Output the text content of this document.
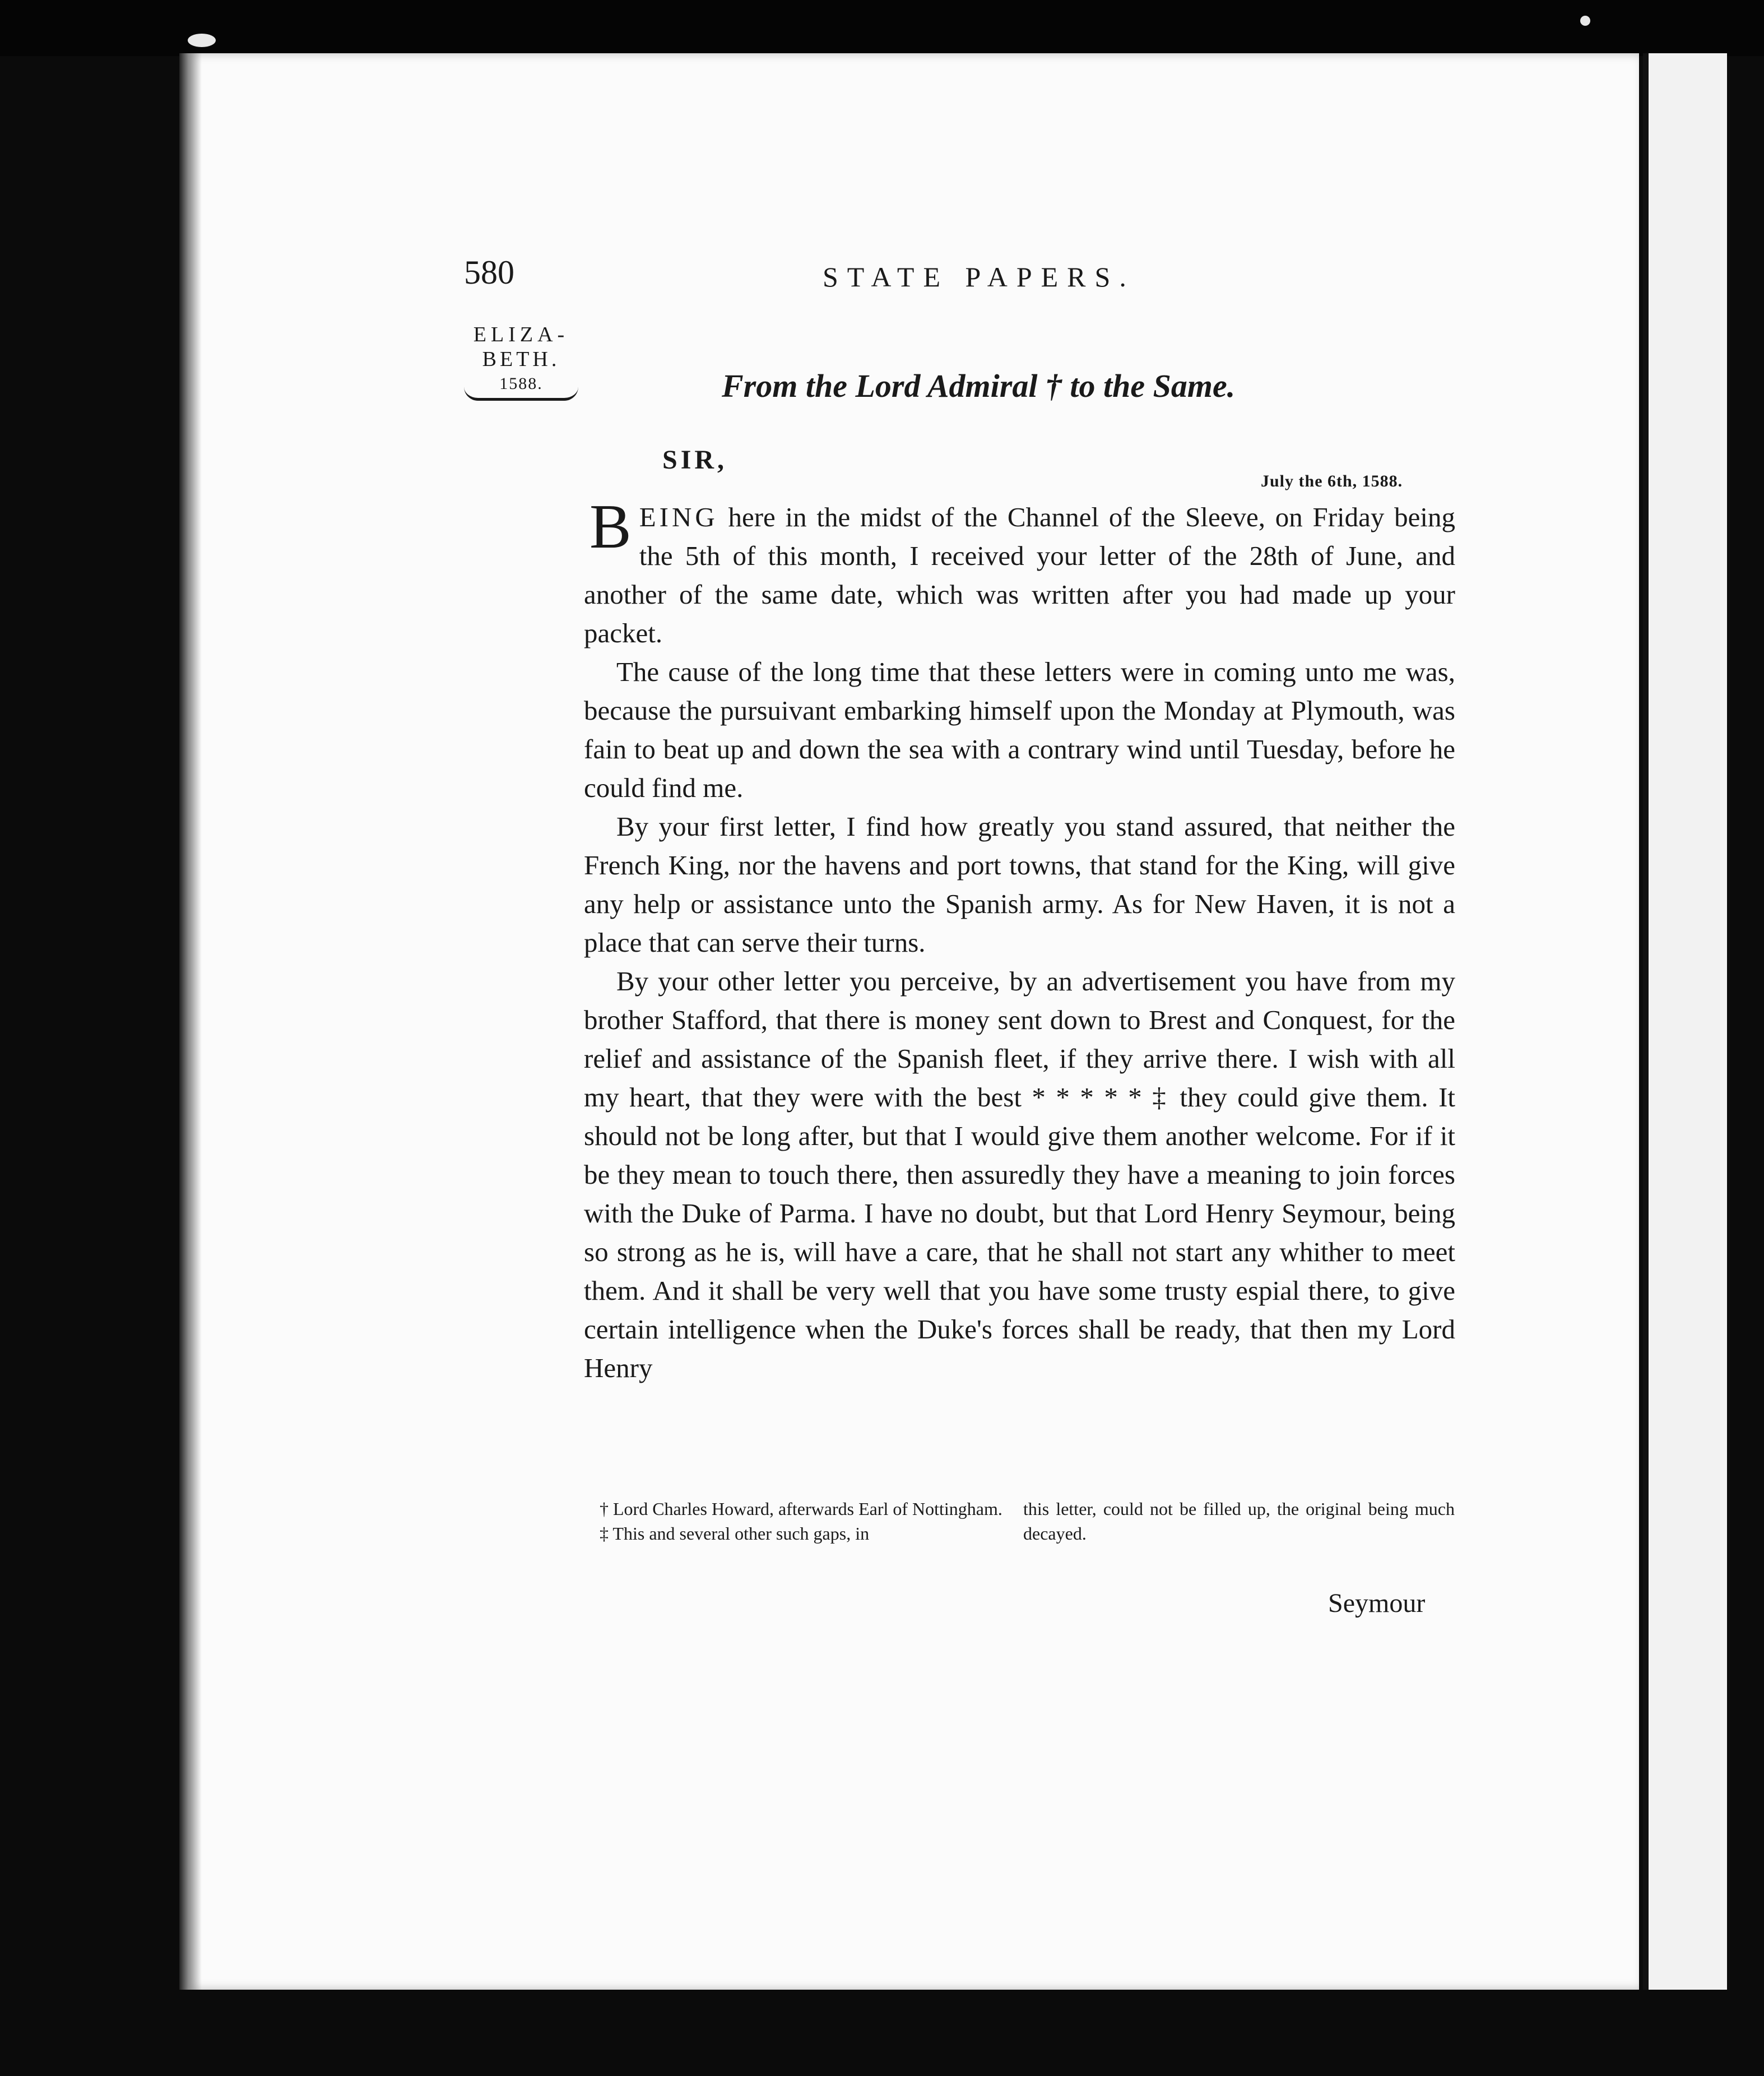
580	STATE PAPERS.
ELIZA-
BETH.
1588.	From the Lord Admiral † to the Same.
SIR,
July the 6th, 1588.

BEING here in the midst of the Channel of the Sleeve, on Friday being the 5th of this month, I received your letter of the 28th of June, and another of the same date, which was written after you had made up your packet.

The cause of the long time that these letters were in coming unto me was, because the pursuivant embarking himself upon the Monday at Plymouth, was fain to beat up and down the sea with a contrary wind until Tuesday, before he could find me.

By your first letter, I find how greatly you stand assured, that neither the French King, nor the havens and port towns, that stand for the King, will give any help or assistance unto the Spanish army. As for New Haven, it is not a place that can serve their turns.

By your other letter you perceive, by an advertisement you have from my brother Stafford, that there is money sent down to Brest and Conquest, for the relief and assistance of the Spanish fleet, if they arrive there. I wish with all my heart, that they were with the best * * * * * ‡ they could give them. It should not be long after, but that I would give them another welcome. For if it be they mean to touch there, then assuredly they have a meaning to join forces with the Duke of Parma. I have no doubt, but that Lord Henry Seymour, being so strong as he is, will have a care, that he shall not start any whither to meet them. And it shall be very well that you have some trusty espial there, to give certain intelligence when the Duke's forces shall be ready, that then my Lord Henry

† Lord Charles Howard, afterwards Earl of Nottingham.

‡ This and several other such gaps, in

this letter, could not be filled up, the original being much decayed.

Seymour
